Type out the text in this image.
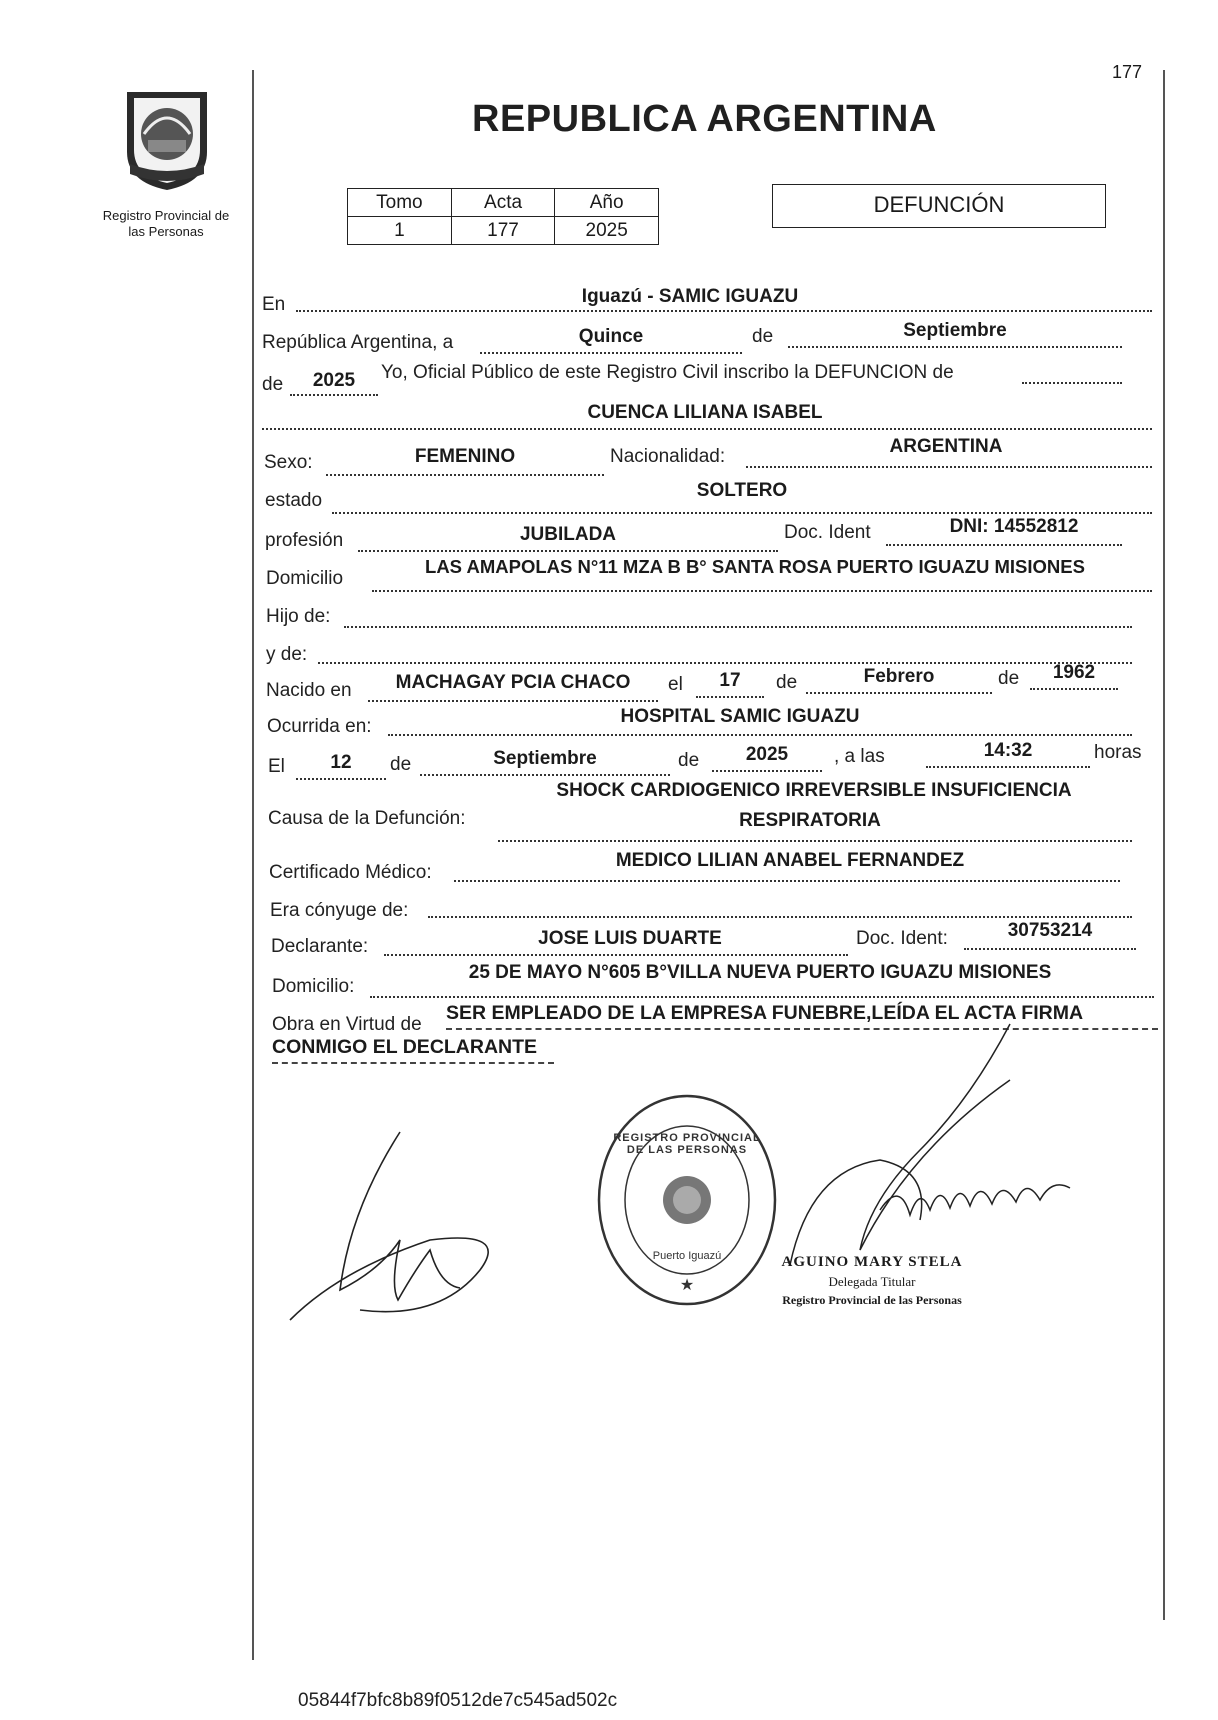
177
Registro Provincial de
las Personas
REPUBLICA ARGENTINA
Tomo	Acta	Año
1	177	2025
DEFUNCIÓN
En	Iguazú - SAMIC IGUAZU
República Argentina, a	Quince	de	Septiembre
de	2025	Yo, Oficial Público de este Registro Civil inscribo la DEFUNCION de
CUENCA LILIANA ISABEL
Sexo:	FEMENINO	Nacionalidad:	ARGENTINA
estado	SOLTERO
profesión	JUBILADA	Doc. Ident	DNI: 14552812
Domicilio
LAS AMAPOLAS N°11 MZA B B° SANTA ROSA PUERTO IGUAZU MISIONES
Hijo de:
y de:
Nacido en	MACHAGAY PCIA CHACO	el	17	de	Febrero	de	1962
Ocurrida en:	HOSPITAL SAMIC IGUAZU
El	12	de	Septiembre	de	2025	, a las	14:32	horas
Causa de la Defunción:
SHOCK CARDIOGENICO IRREVERSIBLE INSUFICIENCIA
RESPIRATORIA
Certificado Médico:
MEDICO LILIAN ANABEL FERNANDEZ
Era cónyuge de:
Declarante:	JOSE LUIS DUARTE	Doc. Ident:	30753214
Domicilio:
25 DE MAYO N°605 B°VILLA NUEVA PUERTO IGUAZU MISIONES
Obra en Virtud de
SER EMPLEADO DE LA EMPRESA FUNEBRE,LEÍDA EL ACTA FIRMA
CONMIGO EL DECLARANTE
★
REGISTRO PROVINCIAL DE LAS PERSONAS
Puerto Iguazú	AGUINO MARY STELA
Delegada Titular
Registro Provincial de las Personas
05844f7bfc8b89f0512de7c545ad502c
